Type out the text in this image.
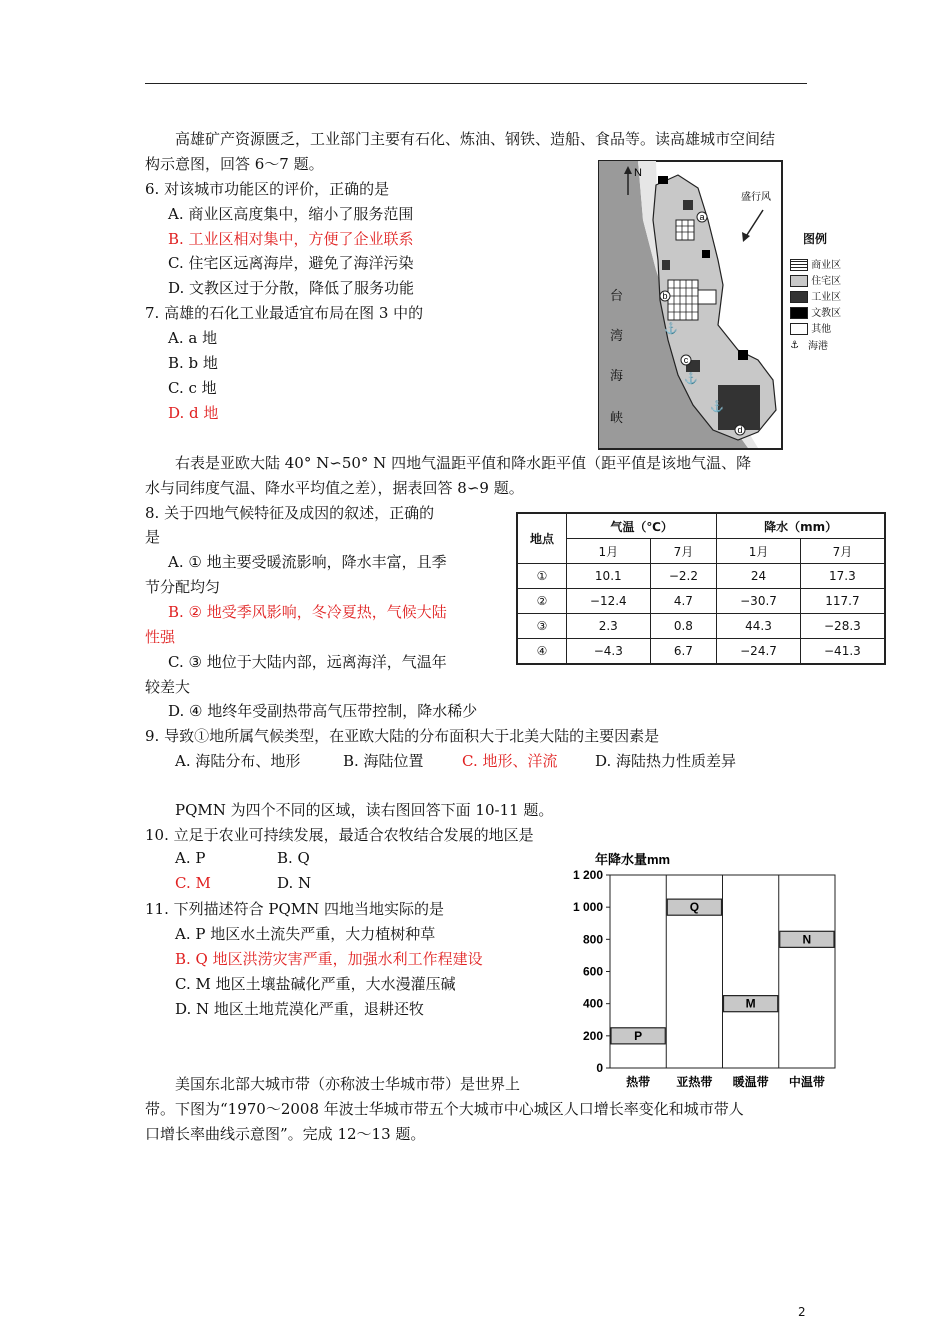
高雄矿产资源匮乏，工业部门主要有石化、炼油、钢铁、造船、食品等。读高雄城市空间结
构示意图，回答 6～7 题。
6. 对该城市功能区的评价，正确的是
A. 商业区高度集中，缩小了服务范围
B. 工业区相对集中，方便了企业联系
C. 住宅区远离海岸，避免了海洋污染
D. 文教区过于分散，降低了服务功能
7. 高雄的石化工业最适宜布局在图 3 中的
A. a 地
B. b 地
C. c 地
D. d 地
N
盛行风
台
湾
海
峡
a
b
c
d
⚓
⚓
⚓
图例
商业区
住宅区
工业区
文教区
其他
⚓ 海港
右表是亚欧大陆 40° N∽50° N 四地气温距平值和降水距平值（距平值是该地气温、降
水与同纬度气温、降水平均值之差），据表回答 8∽9 题。
8. 关于四地气候特征及成因的叙述，正确的
是
A. ① 地主要受暖流影响，降水丰富，且季
节分配均匀
B. ② 地受季风影响，冬冷夏热，气候大陆
性强
C. ③ 地位于大陆内部，远离海洋，气温年
较差大
D. ④ 地终年受副热带高气压带控制，降水稀少
地点	气温（℃）		降水（mm）	
	1月	7月	1月	7月
①	10.1	−2.2	24	17.3
②	−12.4	4.7	−30.7	117.7
③	2.3	0.8	44.3	−28.3
④	−4.3	6.7	−24.7	−41.3
9. 导致①地所属气候类型，在亚欧大陆的分布面积大于北美大陆的主要因素是
A. 海陆分布、地形	B. 海陆位置	C. 地形、洋流	D. 海陆热力性质差异
PQMN 为四个不同的区域，读右图回答下面 10-11 题。
10. 立足于农业可持续发展，最适合农牧结合发展的地区是
A. P	B. Q
C. M	D. N
11. 下列描述符合 PQMN 四地当地实际的是
A. P 地区水土流失严重，大力植树种草
B. Q 地区洪涝灾害严重，加强水利工作程建设
C. M 地区土壤盐碱化严重，大水漫灌压碱
D. N 地区土地荒漠化严重，退耕还牧
年降水量mm
0
200
400
600
800
1 000
1 200
热带
P
亚热带
Q
暖温带
M
中温带
N
美国东北部大城市带（亦称波士华城市带）是世界上
带。下图为“1970～2008 年波士华城市带五个大城市中心城区人口增长率变化和城市带人
口增长率曲线示意图”。完成 12～13 题。
2
